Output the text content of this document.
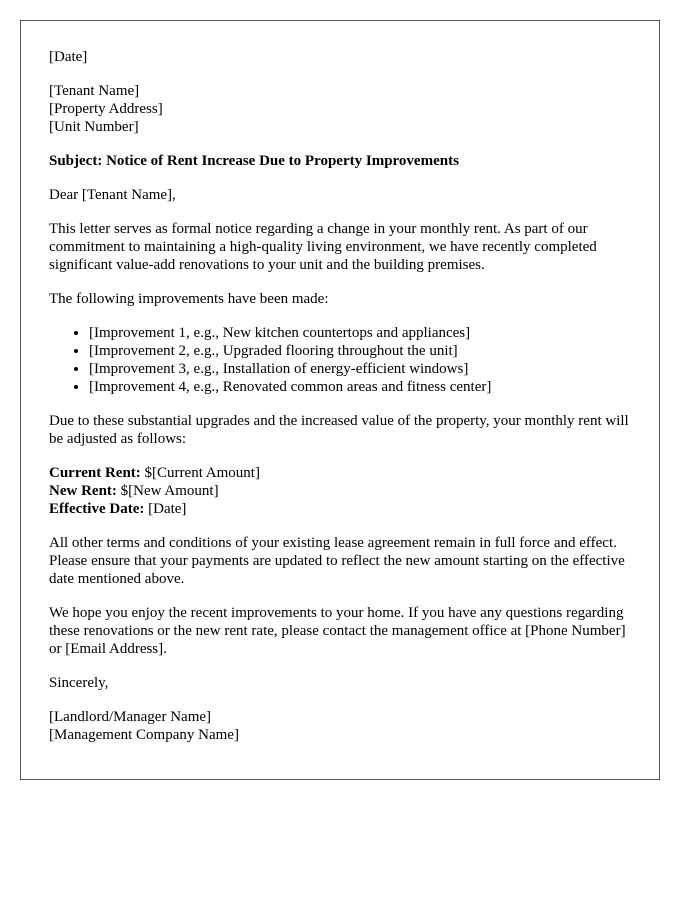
[Date]
[Tenant Name]
[Property Address]
[Unit Number]
Subject: Notice of Rent Increase Due to Property Improvements
Dear [Tenant Name],
This letter serves as formal notice regarding a change in your monthly rent. As part of our commitment to maintaining a high-quality living environment, we have recently completed significant value-add renovations to your unit and the building premises.
The following improvements have been made:
• [Improvement 1, e.g., New kitchen countertops and appliances]
• [Improvement 2, e.g., Upgraded flooring throughout the unit]
• [Improvement 3, e.g., Installation of energy-efficient windows]
• [Improvement 4, e.g., Renovated common areas and fitness center]
Due to these substantial upgrades and the increased value of the property, your monthly rent will be adjusted as follows:
Current Rent: $[Current Amount]
New Rent: $[New Amount]
Effective Date: [Date]
All other terms and conditions of your existing lease agreement remain in full force and effect. Please ensure that your payments are updated to reflect the new amount starting on the effective date mentioned above.
We hope you enjoy the recent improvements to your home. If you have any questions regarding these renovations or the new rent rate, please contact the management office at [Phone Number] or [Email Address].
Sincerely,
[Landlord/Manager Name]
[Management Company Name]
